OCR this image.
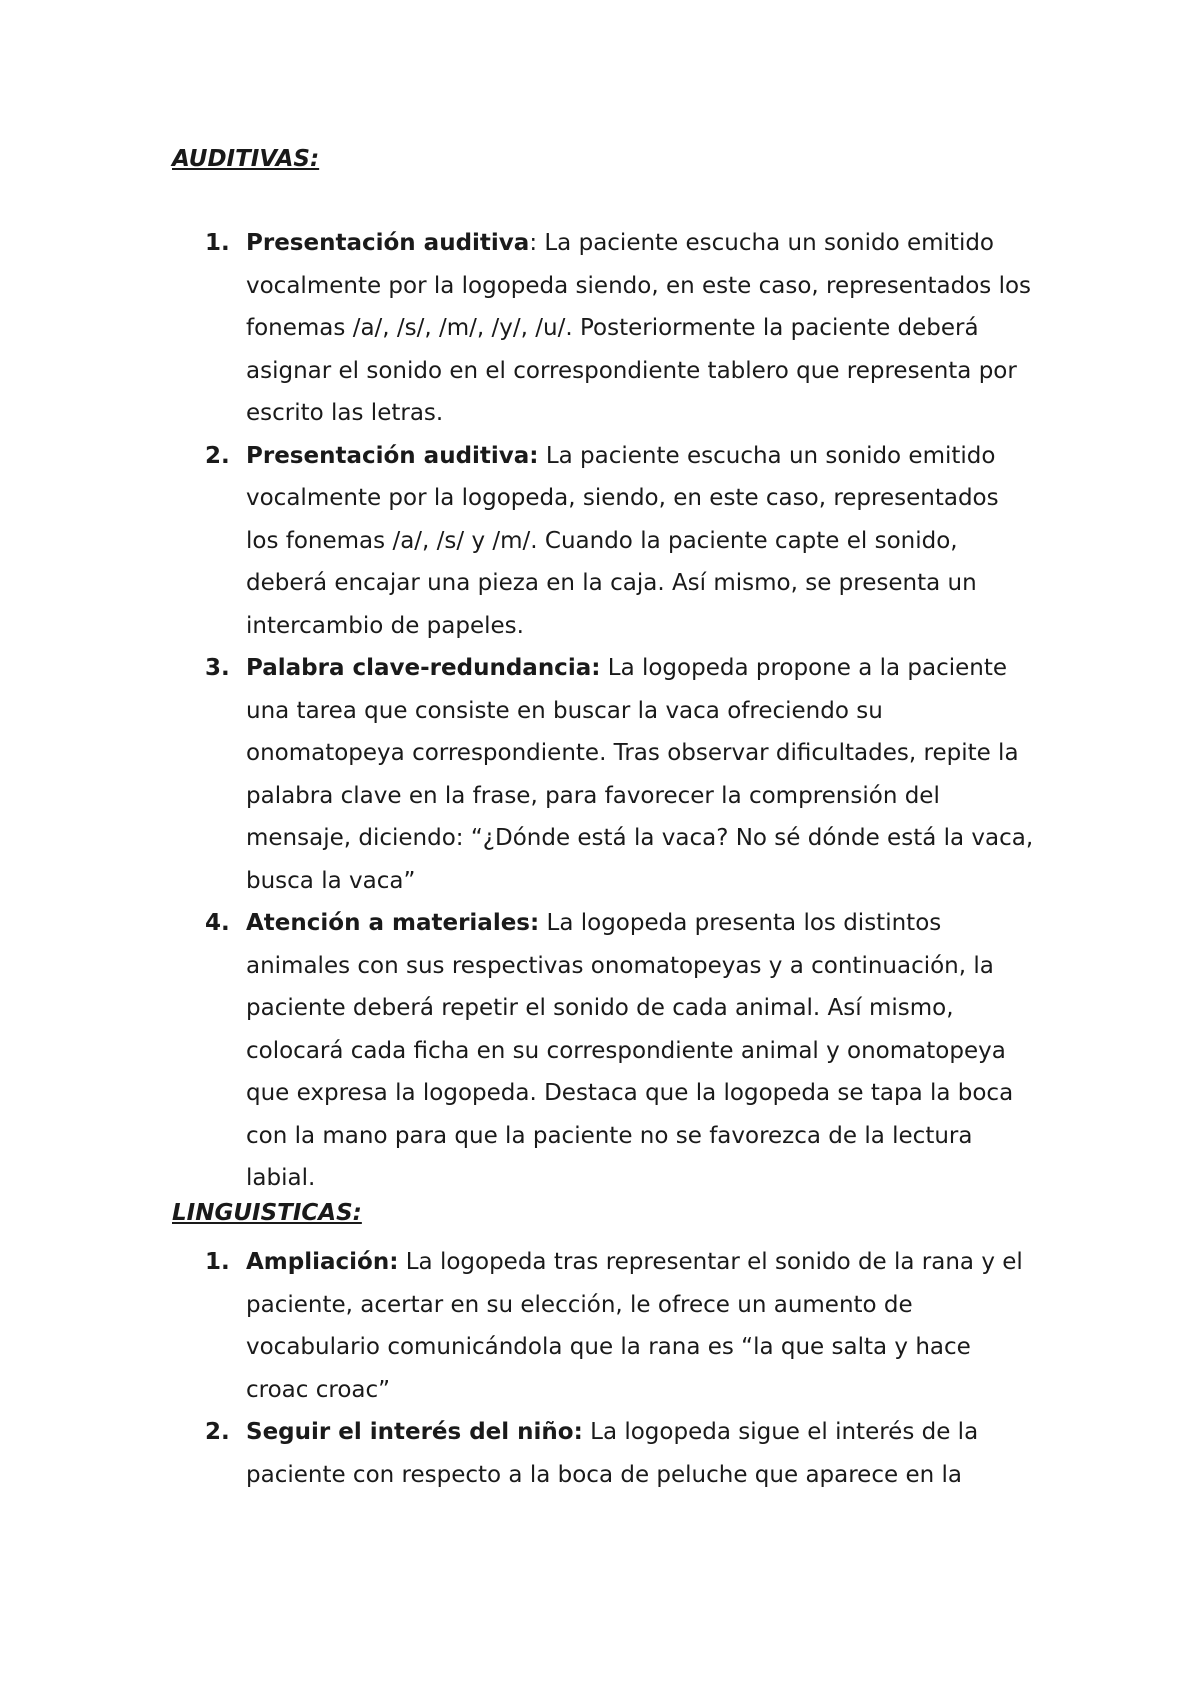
AUDITIVAS:
1. Presentación auditiva: La paciente escucha un sonido emitido vocalmente por la logopeda siendo, en este caso, representados los fonemas /a/, /s/, /m/, /y/, /u/. Posteriormente la paciente deberá asignar el sonido en el correspondiente tablero que representa por escrito las letras.
2. Presentación auditiva: La paciente escucha un sonido emitido vocalmente por la logopeda, siendo, en este caso, representados los fonemas /a/, /s/ y /m/. Cuando la paciente capte el sonido, deberá encajar una pieza en la caja. Así mismo, se presenta un intercambio de papeles.
3. Palabra clave-redundancia: La logopeda propone a la paciente una tarea que consiste en buscar la vaca ofreciendo su onomatopeya correspondiente. Tras observar dificultades, repite la palabra clave en la frase, para favorecer la comprensión del mensaje, diciendo: “¿Dónde está la vaca? No sé dónde está la vaca, busca la vaca”
4. Atención a materiales: La logopeda presenta los distintos animales con sus respectivas onomatopeyas y a continuación, la paciente deberá repetir el sonido de cada animal. Así mismo, colocará cada ficha en su correspondiente animal y onomatopeya que expresa la logopeda. Destaca que la logopeda se tapa la boca con la mano para que la paciente no se favorezca de la lectura labial.
LINGUISTICAS:
1. Ampliación: La logopeda tras representar el sonido de la rana y el paciente, acertar en su elección, le ofrece un aumento de vocabulario comunicándola que la rana es “la que salta y hace croac croac”
2. Seguir el interés del niño: La logopeda sigue el interés de la paciente con respecto a la boca de peluche que aparece en la
